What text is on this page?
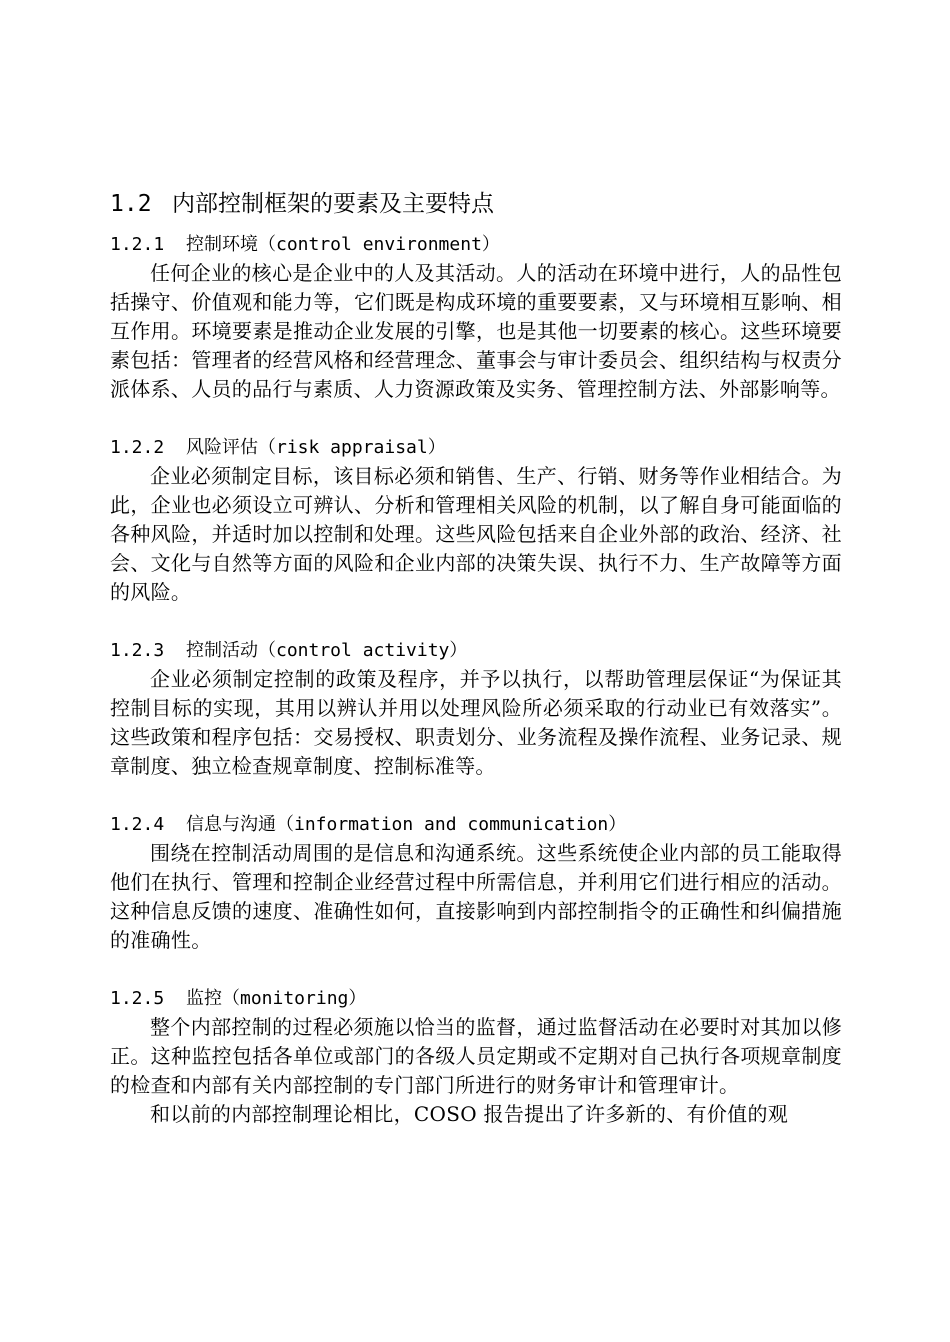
1.2 内部控制框架的要素及主要特点
1.2.1 控制环境（control environment）

任何企业的核心是企业中的人及其活动。人的活动在环境中进行，人的品性包括操守、价值观和能力等，它们既是构成环境的重要要素，又与环境相互影响、相互作用。环境要素是推动企业发展的引擎，也是其他一切要素的核心。这些环境要素包括：管理者的经营风格和经营理念、董事会与审计委员会、组织结构与权责分派体系、人员的品行与素质、人力资源政策及实务、管理控制方法、外部影响等。

1.2.2 风险评估（risk appraisal）

企业必须制定目标，该目标必须和销售、生产、行销、财务等作业相结合。为此，企业也必须设立可辨认、分析和管理相关风险的机制，以了解自身可能面临的各种风险，并适时加以控制和处理。这些风险包括来自企业外部的政治、经济、社会、文化与自然等方面的风险和企业内部的决策失误、执行不力、生产故障等方面的风险。

1.2.3 控制活动（control activity）

企业必须制定控制的政策及程序，并予以执行，以帮助管理层保证“为保证其控制目标的实现，其用以辨认并用以处理风险所必须采取的行动业已有效落实”。这些政策和程序包括：交易授权、职责划分、业务流程及操作流程、业务记录、规章制度、独立检查规章制度、控制标准等。

1.2.4 信息与沟通（information and communication）

围绕在控制活动周围的是信息和沟通系统。这些系统使企业内部的员工能取得他们在执行、管理和控制企业经营过程中所需信息，并利用它们进行相应的活动。这种信息反馈的速度、准确性如何，直接影响到内部控制指令的正确性和纠偏措施的准确性。

1.2.5 监控（monitoring）

整个内部控制的过程必须施以恰当的监督，通过监督活动在必要时对其加以修正。这种监控包括各单位或部门的各级人员定期或不定期对自己执行各项规章制度的检查和内部有关内部控制的专门部门所进行的财务审计和管理审计。

和以前的内部控制理论相比，COSO 报告提出了许多新的、有价值的观
